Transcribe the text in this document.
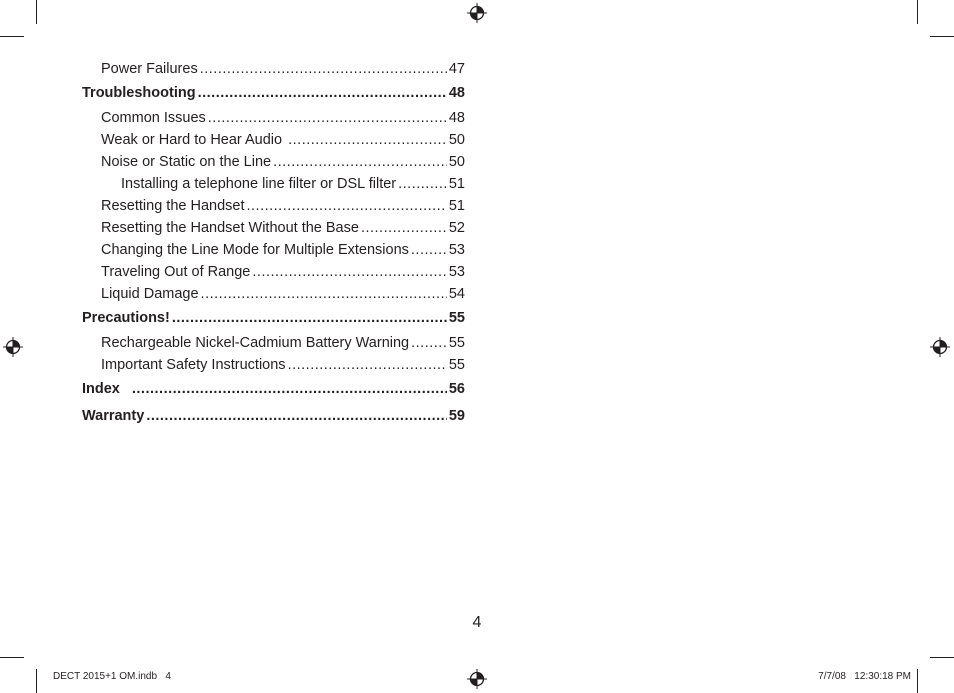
Power Failures .....	47
Troubleshooting .....	48
Common Issues .....	48
Weak or Hard to Hear Audio .....	50
Noise or Static on the Line .....	50
Installing a telephone line filter or DSL filter .....	51
Resetting the Handset .....	51
Resetting the Handset Without the Base .....	52
Changing the Line Mode for Multiple Extensions .....	53
Traveling Out of Range .....	53
Liquid Damage .....	54
Precautions! .....	55
Rechargeable Nickel-Cadmium Battery Warning .....	55
Important Safety Instructions .....	55
Index .....	56
Warranty .....	59
4
DECT 2015+1 OM.indb   4	7/7/08   12:30:18 PM
